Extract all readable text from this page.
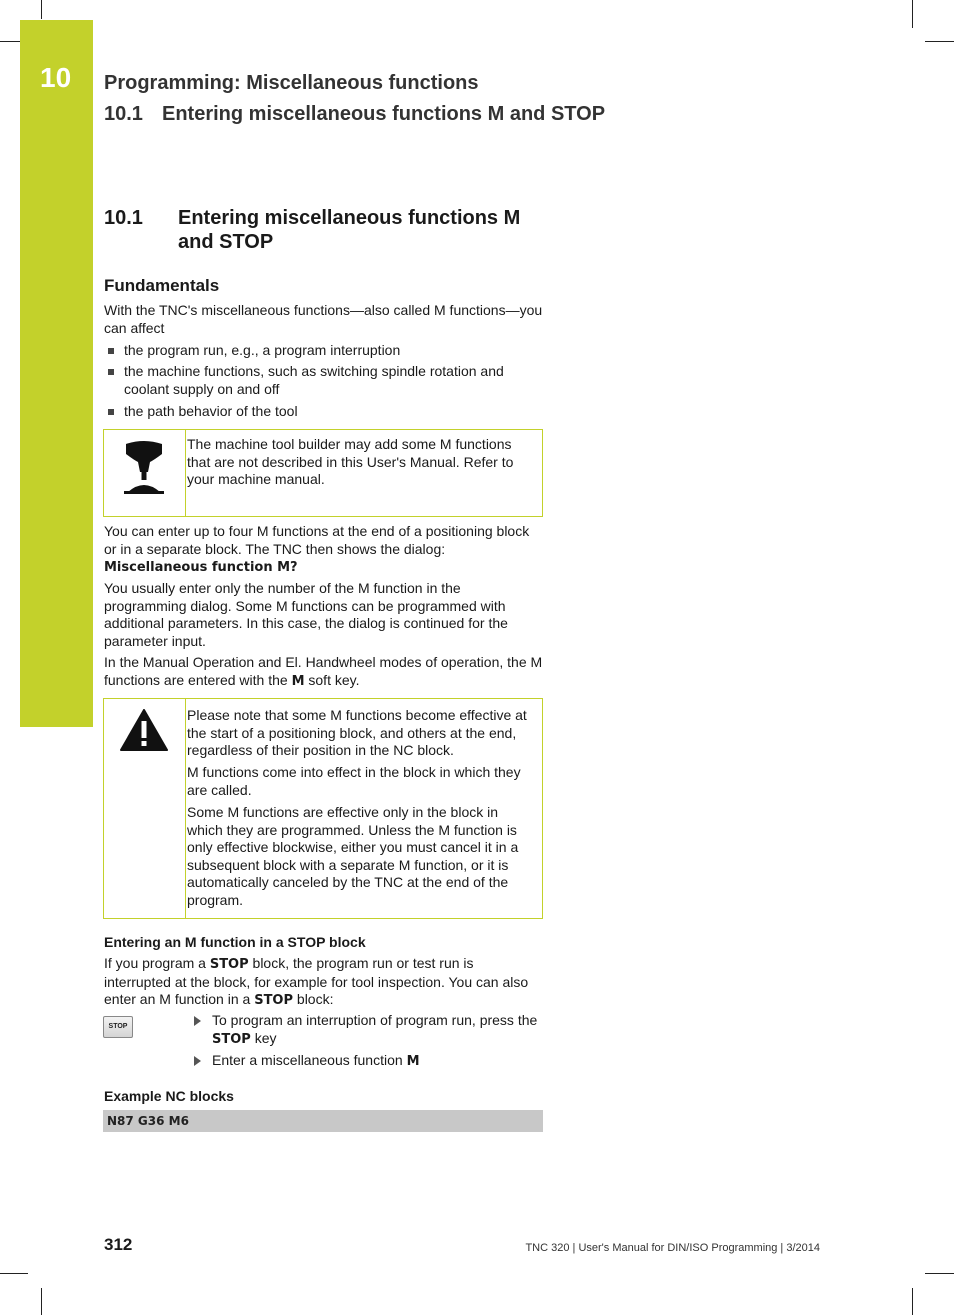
10	Programming: Miscellaneous functions
10.1 Entering miscellaneous functions M and STOP
10.1	Entering miscellaneous functions M and STOP
Fundamentals
With the TNC's miscellaneous functions—also called M functions—you can affect
the program run, e.g., a program interruption
the machine functions, such as switching spindle rotation and coolant supply on and off
the path behavior of the tool

The machine tool builder may add some M functions that are not described in this User's Manual. Refer to your machine manual.

You can enter up to four M functions at the end of a positioning block or in a separate block. The TNC then shows the dialog:
Miscellaneous function M?
You usually enter only the number of the M function in the programming dialog. Some M functions can be programmed with additional parameters. In this case, the dialog is continued for the parameter input.
In the Manual Operation and El. Handwheel modes of operation, the M functions are entered with the M soft key.

Please note that some M functions become effective at the start of a positioning block, and others at the end, regardless of their position in the NC block.

M functions come into effect in the block in which they are called.

Some M functions are effective only in the block in which they are programmed. Unless the M function is only effective blockwise, either you must cancel it in a subsequent block with a separate M function, or it is automatically canceled by the TNC at the end of the program.

Entering an M function in a STOP block
If you program a STOP block, the program run or test run is interrupted at the block, for example for tool inspection. You can also enter an M function in a STOP block:
STOP	To program an interruption of program run, press the STOP key
Enter a miscellaneous function M
Example NC blocks
N87 G36 M6
312	TNC 320 | User's Manual for DIN/ISO Programming | 3/2014
